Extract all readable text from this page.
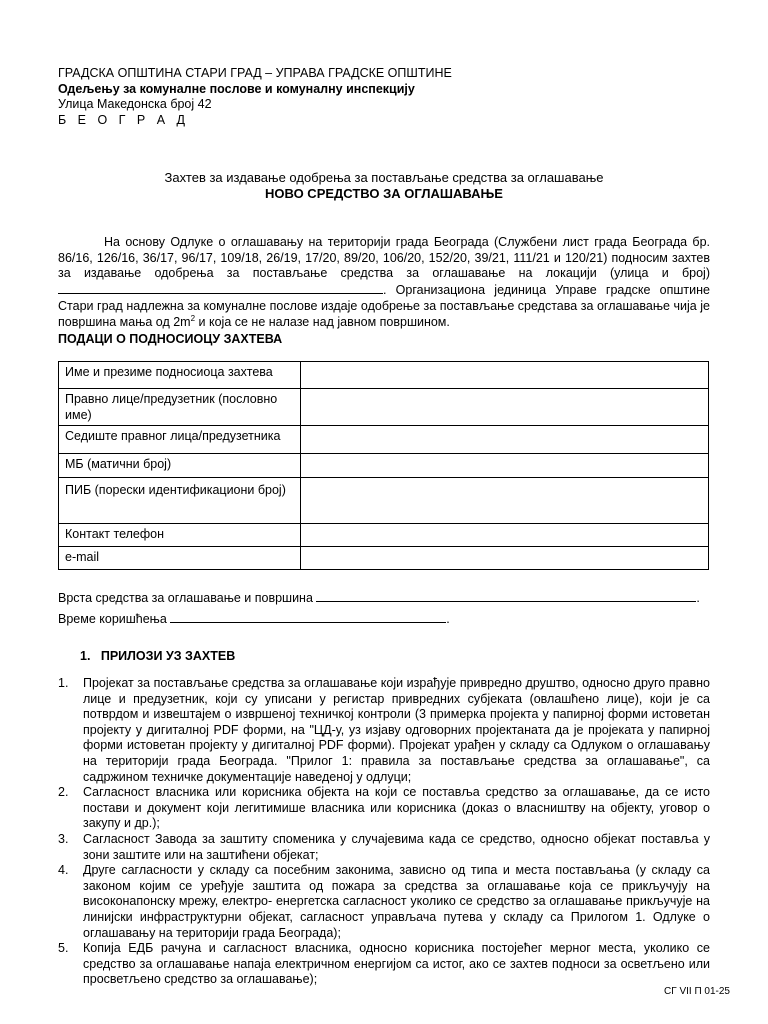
ГРАДСКА ОПШТИНА СТАРИ ГРАД – УПРАВА ГРАДСКЕ ОПШТИНЕ
Одељењу за комуналне послове и комуналну инспекцију
Улица Македонска број 42
Б Е О Г Р А Д
Захтев за издавање одобрења за постављање средства за оглашавање
НОВО СРЕДСТВО ЗА ОГЛАШАВАЊЕ

На основу Одлуке о оглашавању на територији града Београда (Службени лист града Београда бр. 86/16, 126/16, 36/17, 96/17, 109/18, 26/19, 17/20, 89/20, 106/20, 152/20, 39/21, 111/21 и 120/21) подносим захтев за издавање одобрења за постављање средства за оглашавање на локацији (улица и број) . Организациона јединица Управе градске општине Стари град надлежна за комуналне послове издаје одобрење за постављање средстава за оглашавање чија је површина мања од $2m^2$ и која се не налазе над јавном површином.

ПОДАЦИ О ПОДНОСИОЦУ ЗАХТЕВА
Име и презиме подносиоца захтева	
Правно лице/предузетник (пословно име)	
Седиште правног лица/предузетника	
МБ (матични број)	
ПИБ (порески идентификациони број)	
Контакт телефон	
e-mail	
Врста средства за оглашавање и површина	.
Време коришћења	.
1. ПРИЛОЗИ УЗ ЗАХТЕВ
1. Пројекат за постављање средства за оглашавање који израђује привредно друштво, односно друго правно лице и предузетник, који су уписани у регистар привредних субјеката (овлашћено лице), који је са потврдом и извештајем о извршеној техничкој контроли (3 примерка пројекта у папирној форми истоветан пројекту у дигиталној PDF форми, на "ЦД-у, уз изјаву одговорних пројектаната да је пројеката у папирној форми истоветан пројекту у дигиталној PDF форми). Пројекат урађен у складу са Одлуком о оглашавању на територији града Београда. "Прилог 1: правила за постављање средства за оглашавање", са садржином техничке документације наведеној у одлуци;
2. Сагласност власника или корисника објекта на који се поставља средство за оглашавање, да се исто постави и документ који легитимише власника или корисника (доказ о власништву на објекту, уговор о закупу и др.);
3. Сагласност Завода за заштиту споменика у случајевима када се средство, односно објекат поставља у зони заштите или на заштићени објекат;
4. Друге сагласности у складу са посебним законима, зависно од типа и места постављања (у складу са законом којим се уређује заштита од пожара за средства за оглашавање која се прикључују на високонапонску мрежу, електро- енергетска сагласност уколико се средство за оглашавање прикључује на линијски инфраструктурни објекат, сагласност управљача путева у складу са Прилогом 1. Одлуке о оглашавању на територији града Београда);
5. Копија ЕДБ рачуна и сагласност власника, односно корисника постојећег мерног места, уколико се средство за оглашавање напаја електричном енергијом са истог, ако се захтев подноси за осветљено или просветљено средство за оглашавање);
СГ VII П 01-25
